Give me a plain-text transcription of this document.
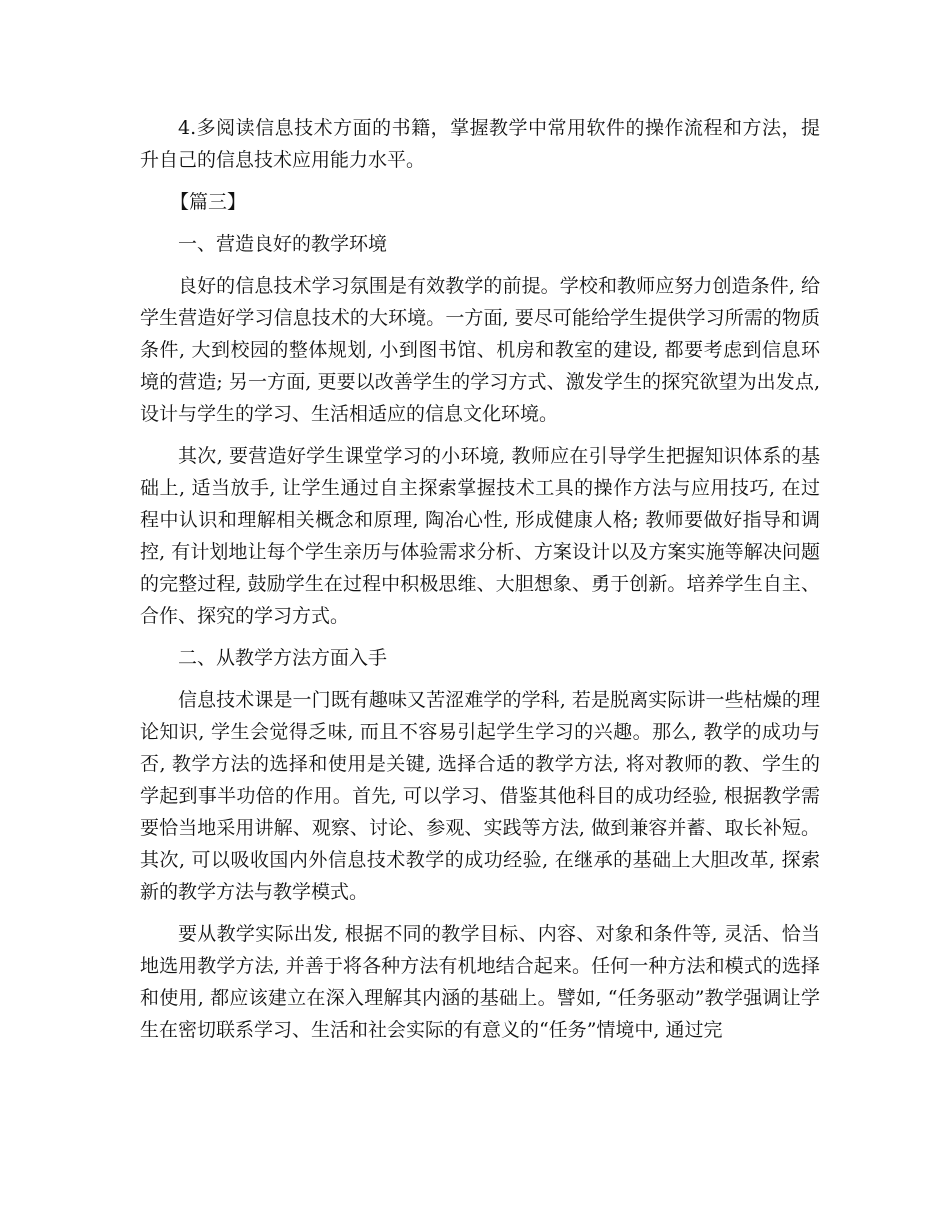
4.多阅读信息技术方面的书籍，掌握教学中常用软件的操作流程和方法，提升自己的信息技术应用能力水平。

【篇三】

一、营造良好的教学环境

良好的信息技术学习氛围是有效教学的前提。学校和教师应努力创造条件, 给学生营造好学习信息技术的大环境。一方面, 要尽可能给学生提供学习所需的物质条件, 大到校园的整体规划, 小到图书馆、机房和教室的建设, 都要考虑到信息环境的营造; 另一方面, 更要以改善学生的学习方式、激发学生的探究欲望为出发点, 设计与学生的学习、生活相适应的信息文化环境。

其次, 要营造好学生课堂学习的小环境, 教师应在引导学生把握知识体系的基础上, 适当放手, 让学生通过自主探索掌握技术工具的操作方法与应用技巧, 在过程中认识和理解相关概念和原理, 陶冶心性, 形成健康人格; 教师要做好指导和调控, 有计划地让每个学生亲历与体验需求分析、方案设计以及方案实施等解决问题的完整过程, 鼓励学生在过程中积极思维、大胆想象、勇于创新。培养学生自主、合作、探究的学习方式。

二、从教学方法方面入手

信息技术课是一门既有趣味又苦涩难学的学科, 若是脱离实际讲一些枯燥的理论知识, 学生会觉得乏味, 而且不容易引起学生学习的兴趣。那么, 教学的成功与否, 教学方法的选择和使用是关键, 选择合适的教学方法, 将对教师的教、学生的学起到事半功倍的作用。首先, 可以学习、借鉴其他科目的成功经验, 根据教学需要恰当地采用讲解、观察、讨论、参观、实践等方法, 做到兼容并蓄、取长补短。其次, 可以吸收国内外信息技术教学的成功经验, 在继承的基础上大胆改革, 探索新的教学方法与教学模式。

要从教学实际出发, 根据不同的教学目标、内容、对象和条件等, 灵活、恰当地选用教学方法, 并善于将各种方法有机地结合起来。任何一种方法和模式的选择和使用, 都应该建立在深入理解其内涵的基础上。譬如, “任务驱动”教学强调让学生在密切联系学习、生活和社会实际的有意义的“任务”情境中, 通过完
